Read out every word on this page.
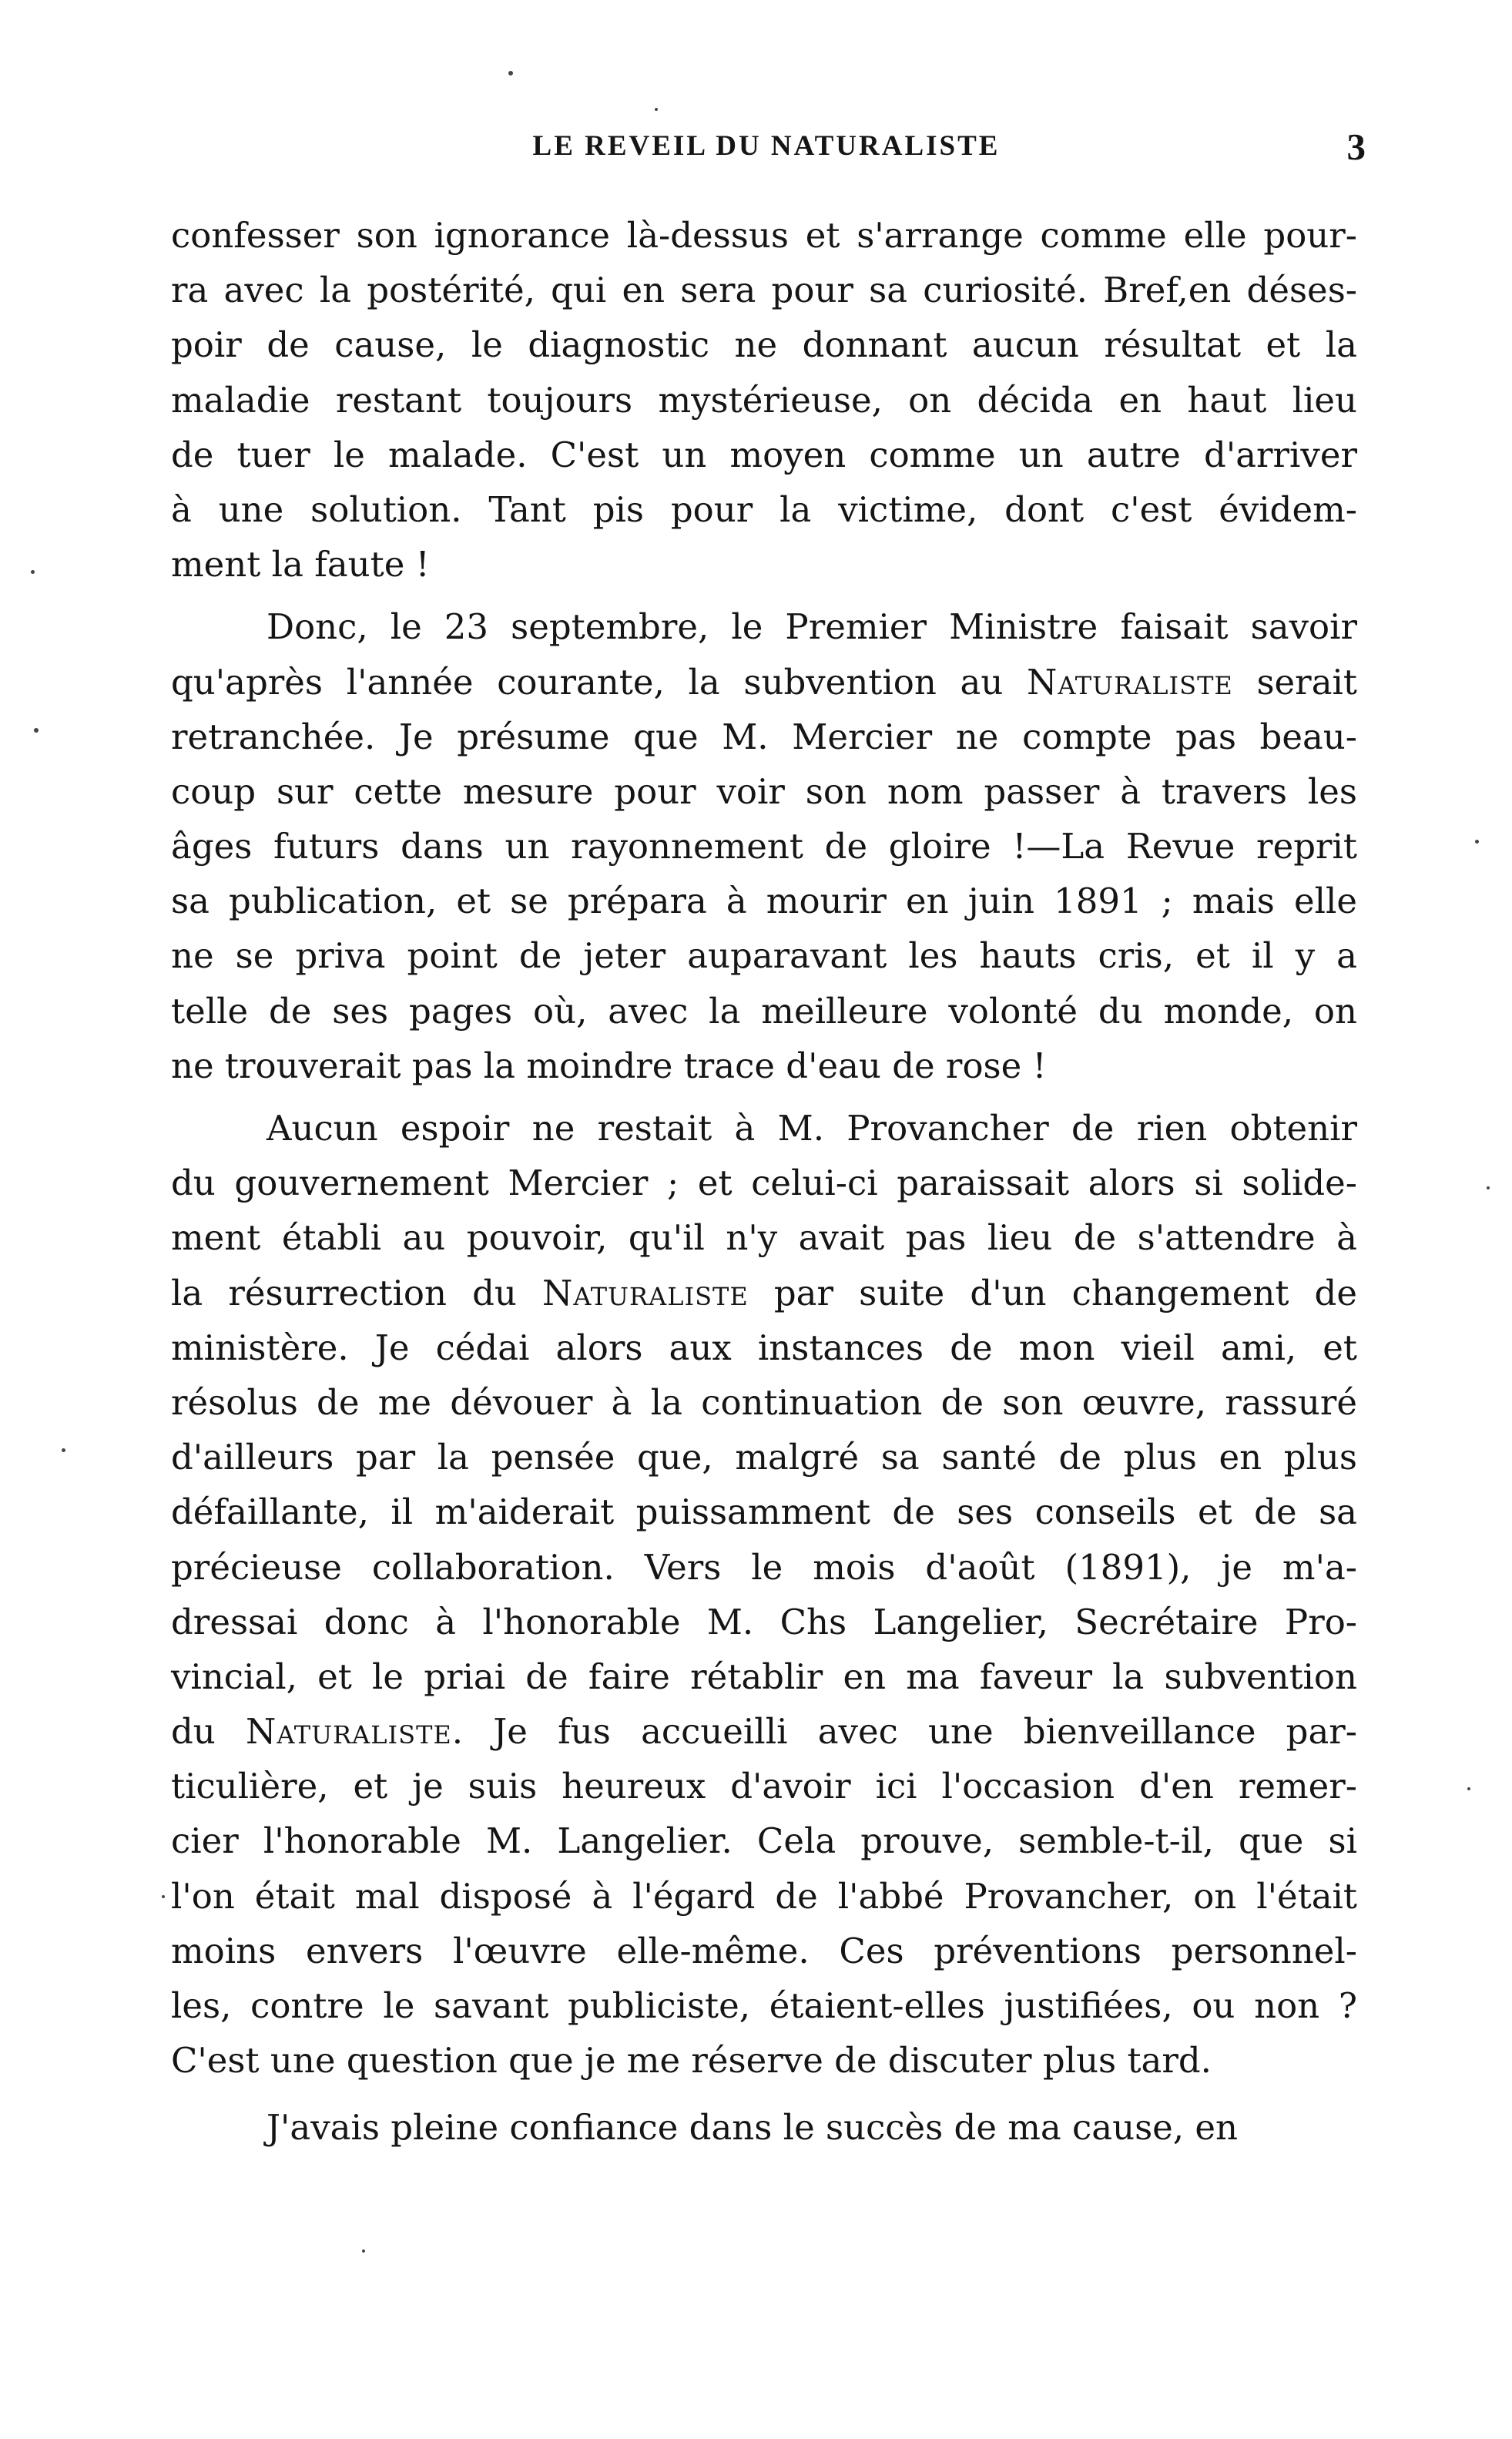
LE REVEIL DU NATURALISTE	3
confesser son ignorance là-dessus et s'arrange comme elle pour-
ra avec la postérité, qui en sera pour sa curiosité. Bref,en déses-
poir de cause, le diagnostic ne donnant aucun résultat et la
maladie restant toujours mystérieuse, on décida en haut lieu
de tuer le malade. C'est un moyen comme un autre d'arriver
à une solution. Tant pis pour la victime, dont c'est évidem-
ment la faute !
Donc, le 23 septembre, le Premier Ministre faisait savoir
qu'après l'année courante, la subvention au Naturaliste serait
retranchée. Je présume que M. Mercier ne compte pas beau-
coup sur cette mesure pour voir son nom passer à travers les
âges futurs dans un rayonnement de gloire !—La Revue reprit
sa publication, et se prépara à mourir en juin 1891 ; mais elle
ne se priva point de jeter auparavant les hauts cris, et il y a
telle de ses pages où, avec la meilleure volonté du monde, on
ne trouverait pas la moindre trace d'eau de rose !
Aucun espoir ne restait à M. Provancher de rien obtenir
du gouvernement Mercier ; et celui-ci paraissait alors si solide-
ment établi au pouvoir, qu'il n'y avait pas lieu de s'attendre à
la résurrection du Naturaliste par suite d'un changement de
ministère. Je cédai alors aux instances de mon vieil ami, et
résolus de me dévouer à la continuation de son œuvre, rassuré
d'ailleurs par la pensée que, malgré sa santé de plus en plus
défaillante, il m'aiderait puissamment de ses conseils et de sa
précieuse collaboration. Vers le mois d'août (1891), je m'a-
dressai donc à l'honorable M. Chs Langelier, Secrétaire Pro-
vincial, et le priai de faire rétablir en ma faveur la subvention
du Naturaliste. Je fus accueilli avec une bienveillance par-
ticulière, et je suis heureux d'avoir ici l'occasion d'en remer-
cier l'honorable M. Langelier. Cela prouve, semble-t-il, que si
l'on était mal disposé à l'égard de l'abbé Provancher, on l'était
moins envers l'œuvre elle-même. Ces préventions personnel-
les, contre le savant publiciste, étaient-elles justifiées, ou non ?
C'est une question que je me réserve de discuter plus tard.
J'avais pleine confiance dans le succès de ma cause, en
